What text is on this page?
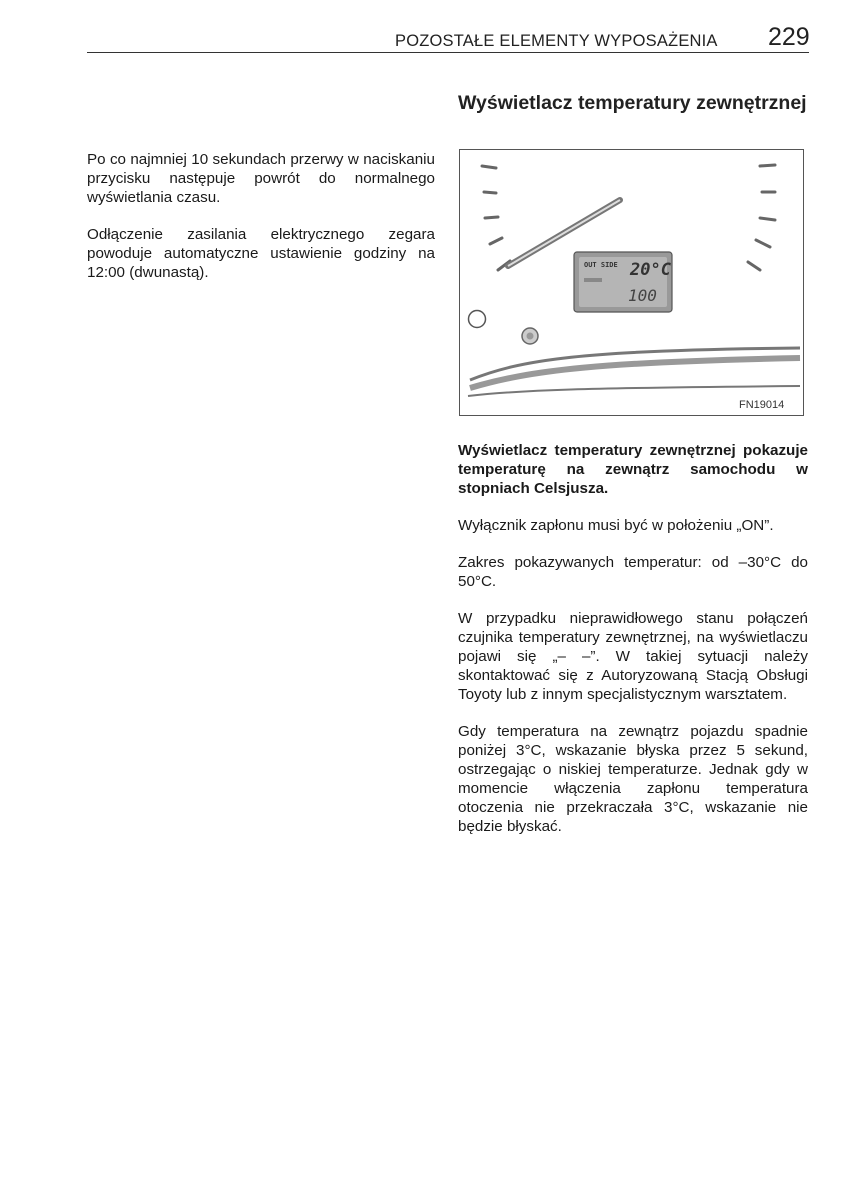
POZOSTAŁE ELEMENTY WYPOSAŻENIA 229

Po co najmniej 10 sekundach przerwy w naciskaniu przycisku następuje powrót do normalnego wyświetlania czasu.

Odłączenie zasilania elektrycznego zegara powoduje automatyczne ustawienie godziny na 12:00 (dwunastą).

Wyświetlacz temperatury zewnętrznej
OUT SIDE 20°C
100
FN19014

Wyświetlacz temperatury zewnętrznej pokazuje temperaturę na zewnątrz samochodu w stopniach Celsjusza.

Wyłącznik zapłonu musi być w położeniu „ON”.

Zakres pokazywanych temperatur: od –30°C do 50°C.

W przypadku nieprawidłowego stanu połączeń czujnika temperatury zewnętrznej, na wyświetlaczu pojawi się „– –”. W takiej sytuacji należy skontaktować się z Autoryzowaną Stacją Obsługi Toyoty lub z innym specjalistycznym warsztatem.

Gdy temperatura na zewnątrz pojazdu spadnie poniżej 3°C, wskazanie błyska przez 5 sekund, ostrzegając o niskiej temperaturze. Jednak gdy w momencie włączenia zapłonu temperatura otoczenia nie przekraczała 3°C, wskazanie nie będzie błyskać.
